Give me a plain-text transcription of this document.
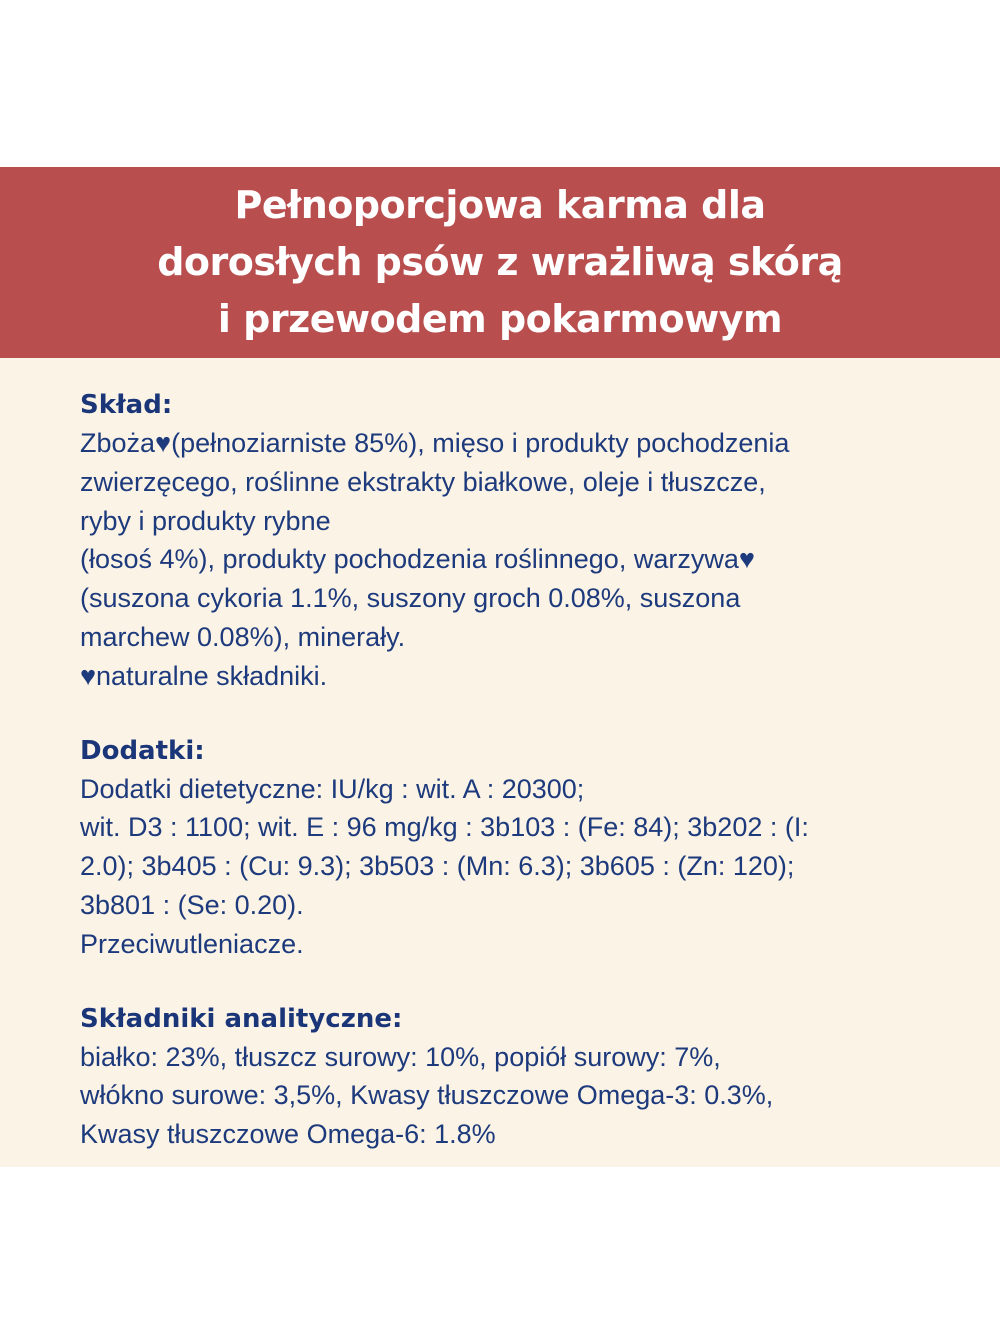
Pełnoporcjowa karma dla
dorosłych psów z wrażliwą skórą
i przewodem pokarmowym
Skład:
Zboża♥(pełnoziarniste 85%), mięso i produkty pochodzenia
zwierzęcego, roślinne ekstrakty białkowe, oleje i tłuszcze,
ryby i produkty rybne
(łosoś 4%), produkty pochodzenia roślinnego, warzywa♥
(suszona cykoria 1.1%, suszony groch 0.08%, suszona
marchew 0.08%), minerały.
♥naturalne składniki.
Dodatki:
Dodatki dietetyczne: IU/kg : wit. A : 20300;
wit. D3 : 1100; wit. E : 96 mg/kg : 3b103 : (Fe: 84); 3b202 : (I:
2.0); 3b405 : (Cu: 9.3); 3b503 : (Mn: 6.3); 3b605 : (Zn: 120);
3b801 : (Se: 0.20).
Przeciwutleniacze.
Składniki analityczne:
białko: 23%, tłuszcz surowy: 10%, popiół surowy: 7%,
włókno surowe: 3,5%, Kwasy tłuszczowe Omega-3: 0.3%,
Kwasy tłuszczowe Omega-6: 1.8%
